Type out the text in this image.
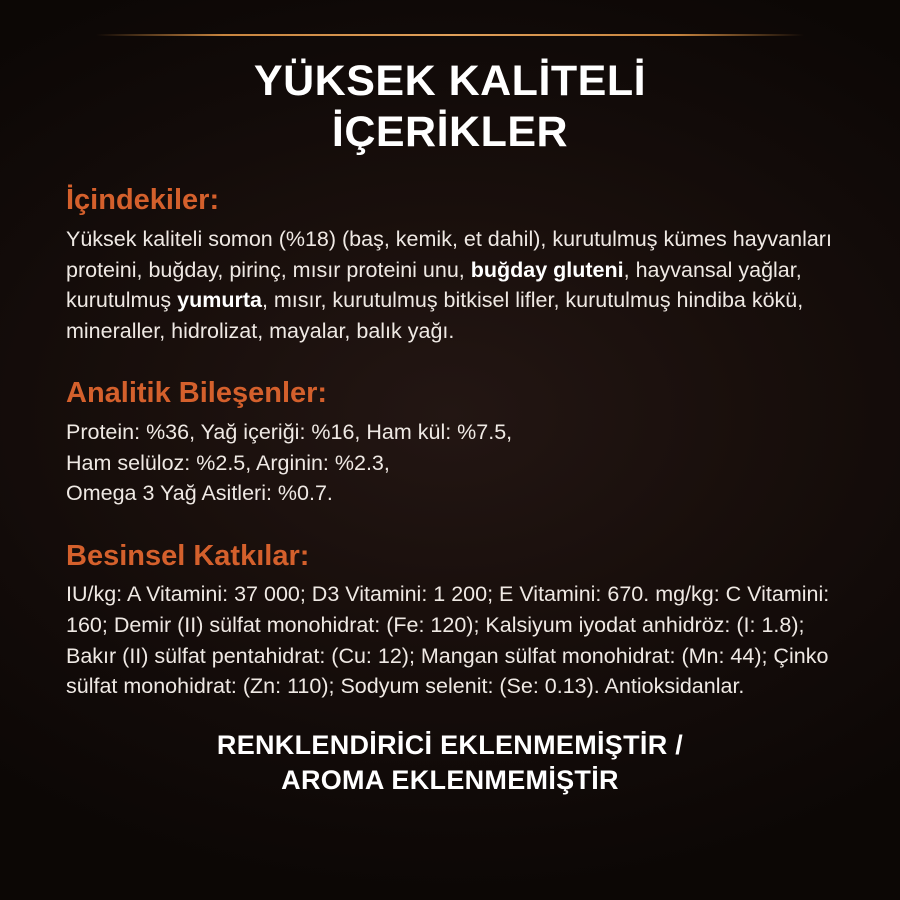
YÜKSEK KALİTELİ
İÇERİKLER
İçindekiler:

Yüksek kaliteli somon (%18) (baş, kemik, et dahil), kurutulmuş kümes hayvanları proteini, buğday, pirinç, mısır proteini unu, buğday gluteni, hayvansal yağlar, kurutulmuş yumurta, mısır, kurutulmuş bitkisel lifler, kurutulmuş hindiba kökü, mineraller, hidrolizat, mayalar, balık yağı.

Analitik Bileşenler:

Protein: %36, Yağ içeriği: %16, Ham kül: %7.5,
Ham selüloz: %2.5, Arginin: %2.3,
Omega 3 Yağ Asitleri: %0.7.

Besinsel Katkılar:

IU/kg: A Vitamini: 37 000; D3 Vitamini: 1 200; E Vitamini: 670. mg/kg: C Vitamini: 160; Demir (II) sülfat monohidrat: (Fe: 120); Kalsiyum iyodat anhidröz: (I: 1.8); Bakır (II) sülfat pentahidrat: (Cu: 12); Mangan sülfat monohidrat: (Mn: 44); Çinko sülfat monohidrat: (Zn: 110); Sodyum selenit: (Se: 0.13). Antioksidanlar.

RENKLENDİRİCİ EKLENMEMİŞTİR /
AROMA EKLENMEMİŞTİR
